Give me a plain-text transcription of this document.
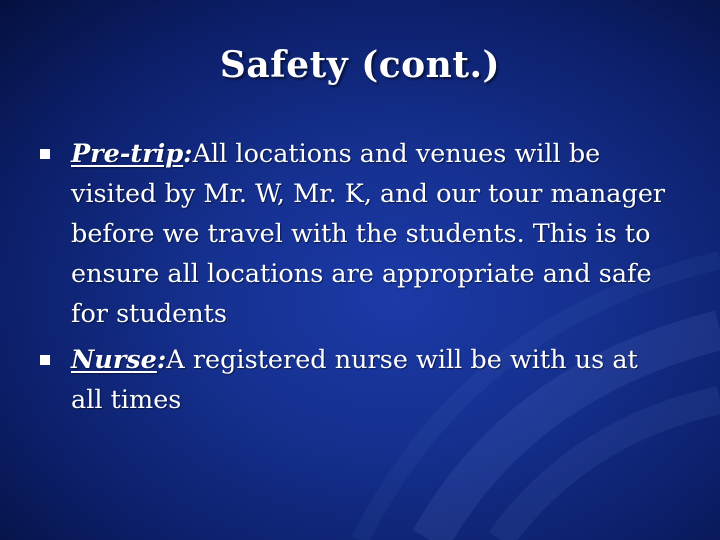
Safety (cont.)
Pre-trip:All locations and venues will be visited by Mr. W, Mr. K, and our tour manager before we travel with the students. This is to ensure all locations are appropriate and safe for students
Nurse:A registered nurse will be with us at all times
